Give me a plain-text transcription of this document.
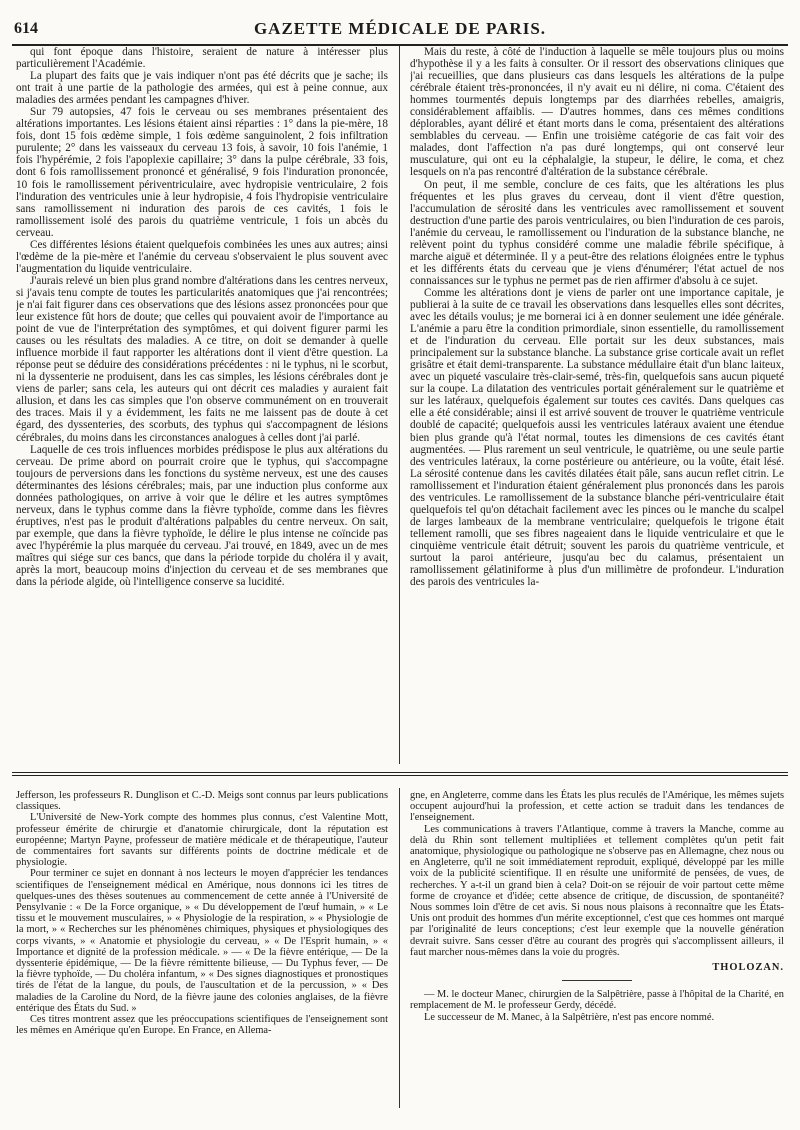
614	GAZETTE MÉDICALE DE PARIS.

qui font époque dans l'histoire, seraient de nature à intéresser plus particulièrement l'Académie.

La plupart des faits que je vais indiquer n'ont pas été décrits que je sache; ils ont trait à une partie de la pathologie des armées, qui est à peine connue, aux maladies des armées pendant les campagnes d'hiver.

Sur 79 autopsies, 47 fois le cerveau ou ses membranes présentaient des altérations importantes. Les lésions étaient ainsi réparties : 1° dans la pie-mère, 18 fois, dont 15 fois œdème simple, 1 fois œdème sanguinolent, 2 fois infiltration purulente; 2° dans les vaisseaux du cerveau 13 fois, à savoir, 10 fois l'anémie, 1 fois l'hypérémie, 2 fois l'apoplexie capillaire; 3° dans la pulpe cérébrale, 33 fois, dont 6 fois ramollissement prononcé et généralisé, 9 fois l'induration prononcée, 10 fois le ramollissement périventriculaire, avec hydropisie ventriculaire, 2 fois l'induration des ventricules unie à leur hydropisie, 4 fois l'hydropisie ventriculaire sans ramollissement ni induration des parois de ces cavités, 1 fois le ramollissement isolé des parois du quatrième ventricule, 1 fois un abcès du cerveau.

Ces différentes lésions étaient quelquefois combinées les unes aux autres; ainsi l'œdème de la pie-mère et l'anémie du cerveau s'observaient le plus souvent avec l'augmentation du liquide ventriculaire.

J'aurais relevé un bien plus grand nombre d'altérations dans les centres nerveux, si j'avais tenu compte de toutes les particularités anatomiques que j'ai rencontrées; je n'ai fait figurer dans ces observations que des lésions assez prononcées pour que leur existence fût hors de doute; que celles qui pouvaient avoir de l'importance au point de vue de l'interprétation des symptômes, et qui doivent figurer parmi les causes ou les résultats des maladies. A ce titre, on doit se demander à quelle influence morbide il faut rapporter les altérations dont il vient d'être question. La réponse peut se déduire des considérations précédentes : ni le typhus, ni le scorbut, ni la dyssenterie ne produisent, dans les cas simples, les lésions cérébrales dont je viens de parler; sans cela, les auteurs qui ont décrit ces maladies y auraient fait allusion, et dans les cas simples que l'on observe communément on en trouverait des traces. Mais il y a évidemment, les faits ne me laissent pas de doute à cet égard, des dyssenteries, des scorbuts, des typhus qui s'accompagnent de lésions cérébrales, du moins dans les circonstances analogues à celles dont j'ai parlé.

Laquelle de ces trois influences morbides prédispose le plus aux altérations du cerveau. De prime abord on pourrait croire que le typhus, qui s'accompagne toujours de perversions dans les fonctions du système nerveux, est une des causes déterminantes des lésions cérébrales; mais, par une induction plus conforme aux données pathologiques, on arrive à voir que le délire et les autres symptômes nerveux, dans le typhus comme dans la fièvre typhoïde, comme dans les fièvres éruptives, n'est pas le produit d'altérations palpables du centre nerveux. On sait, par exemple, que dans la fièvre typhoïde, le délire le plus intense ne coïncide pas avec l'hypérémie la plus marquée du cerveau. J'ai trouvé, en 1849, avec un de mes maîtres qui siége sur ces bancs, que dans la période torpide du choléra il y avait, après la mort, beaucoup moins d'injection du cerveau et de ses membranes que dans la période algide, où l'intelligence conserve sa lucidité.

Mais du reste, à côté de l'induction à laquelle se mêle toujours plus ou moins d'hypothèse il y a les faits à consulter. Or il ressort des observations cliniques que j'ai recueillies, que dans plusieurs cas dans lesquels les altérations de la pulpe cérébrale étaient très-prononcées, il n'y avait eu ni délire, ni coma. C'étaient des hommes tourmentés depuis longtemps par des diarrhées rebelles, amaigris, considérablement affaiblis. — D'autres hommes, dans ces mêmes conditions déplorables, ayant déliré et étant morts dans le coma, présentaient des altérations semblables du cerveau. — Enfin une troisième catégorie de cas fait voir des malades, dont l'affection n'a pas duré longtemps, qui ont conservé leur musculature, qui ont eu la céphalalgie, la stupeur, le délire, le coma, et chez lesquels on n'a pas rencontré d'altération de la substance cérébrale.

On peut, il me semble, conclure de ces faits, que les altérations les plus fréquentes et les plus graves du cerveau, dont il vient d'être question, l'accumulation de sérosité dans les ventricules avec ramollissement et souvent destruction d'une partie des parois ventriculaires, ou bien l'induration de ces parois, l'anémie du cerveau, le ramollissement ou l'induration de la substance blanche, ne relèvent point du typhus considéré comme une maladie fébrile spécifique, à marche aiguë et déterminée. Il y a peut-être des relations éloignées entre le typhus et les différents états du cerveau que je viens d'énumérer; l'état actuel de nos connaissances sur le typhus ne permet pas de rien affirmer d'absolu à ce sujet.

Comme les altérations dont je viens de parler ont une importance capitale, je publierai à la suite de ce travail les observations dans lesquelles elles sont décrites, avec les détails voulus; je me bornerai ici à en donner seulement une idée générale. L'anémie a paru être la condition primordiale, sinon essentielle, du ramollissement et de l'induration du cerveau. Elle portait sur les deux substances, mais principalement sur la substance blanche. La substance grise corticale avait un reflet grisâtre et était demi-transparente. La substance médullaire était d'un blanc laiteux, avec un piqueté vasculaire très-clair-semé, très-fin, quelquefois sans aucun piqueté sur la coupe. La dilatation des ventricules portait généralement sur le quatrième et sur les latéraux, quelquefois également sur toutes ces cavités. Dans quelques cas elle a été considérable; ainsi il est arrivé souvent de trouver le quatrième ventricule doublé de capacité; quelquefois aussi les ventricules latéraux avaient une étendue bien plus grande qu'à l'état normal, toutes les dimensions de ces cavités étant augmentées. — Plus rarement un seul ventricule, le quatrième, ou une seule partie des ventricules latéraux, la corne postérieure ou antérieure, ou la voûte, était lésé. La sérosité contenue dans les cavités dilatées était pâle, sans aucun reflet citrin. Le ramollissement et l'induration étaient généralement plus prononcés dans les parois des ventricules. Le ramollissement de la substance blanche péri-ventriculaire était quelquefois tel qu'on détachait facilement avec les pinces ou le manche du scalpel de larges lambeaux de la membrane ventriculaire; quelquefois le trigone était tellement ramolli, que ses fibres nageaient dans le liquide ventriculaire et que le cinquième ventricule était détruit; souvent les parois du quatrième ventricule, et surtout la paroi antérieure, jusqu'au bec du calamus, présentaient un ramollissement gélatiniforme à plus d'un millimètre de profondeur. L'induration des parois des ventricules la-

Jefferson, les professeurs R. Dunglison et C.-D. Meigs sont connus par leurs publications classiques.

L'Université de New-York compte des hommes plus connus, c'est Valentine Mott, professeur émérite de chirurgie et d'anatomie chirurgicale, dont la réputation est européenne; Martyn Payne, professeur de matière médicale et de thérapeutique, l'auteur de commentaires fort savants sur différents points de doctrine médicale et de physiologie.

Pour terminer ce sujet en donnant à nos lecteurs le moyen d'apprécier les tendances scientifiques de l'enseignement médical en Amérique, nous donnons ici les titres de quelques-unes des thèses soutenues au commencement de cette année à l'Université de Pensylvanie : « De la Force organique, » « Du développement de l'œuf humain, » « Le tissu et le mouvement musculaires, » « Physiologie de la respiration, » « Physiologie de la mort, » « Recherches sur les phénomènes chimiques, physiques et physiologiques des corps vivants, » « Anatomie et physiologie du cerveau, » « De l'Esprit humain, » « Importance et dignité de la profession médicale. » — « De la fièvre entérique, — De la dyssenterie épidémique, — De la fièvre rémittente bilieuse, — Du Typhus fever, — De la fièvre typhoïde, — Du choléra infantum, » « Des signes diagnostiques et pronostiques tirés de l'état de la langue, du pouls, de l'auscultation et de la percussion, » « Des maladies de la Caroline du Nord, de la fièvre jaune des colonies anglaises, de la fièvre entérique des États du Sud. »

Ces titres montrent assez que les préoccupations scientifiques de l'enseignement sont les mêmes en Amérique qu'en Europe. En France, en Allema-

gne, en Angleterre, comme dans les États les plus reculés de l'Amérique, les mêmes sujets occupent aujourd'hui la profession, et cette action se traduit dans les tendances de l'enseignement.

Les communications à travers l'Atlantique, comme à travers la Manche, comme au delà du Rhin sont tellement multipliées et tellement complètes qu'un petit fait anatomique, physiologique ou pathologique ne s'observe pas en Allemagne, chez nous ou en Angleterre, qu'il ne soit immédiatement reproduit, expliqué, développé par les mille voix de la publicité scientifique. Il en résulte une uniformité de pensées, de vues, de recherches. Y a-t-il un grand bien à cela? Doit-on se réjouir de voir partout cette même forme de croyance et d'idée; cette absence de critique, de discussion, de spontanéité? Nous sommes loin d'être de cet avis. Si nous nous plaisons à reconnaître que les États-Unis ont produit des hommes d'un mérite exceptionnel, c'est que ces hommes ont marqué par l'originalité de leurs conceptions; c'est leur exemple que la nouvelle génération devrait suivre. Sans cesser d'être au courant des progrès qui s'accomplissent ailleurs, il faut marcher nous-mêmes dans la voie du progrès.

THOLOZAN.

— M. le docteur Manec, chirurgien de la Salpêtrière, passe à l'hôpital de la Charité, en remplacement de M. le professeur Gerdy, décédé.

Le successeur de M. Manec, à la Salpêtrière, n'est pas encore nommé.
